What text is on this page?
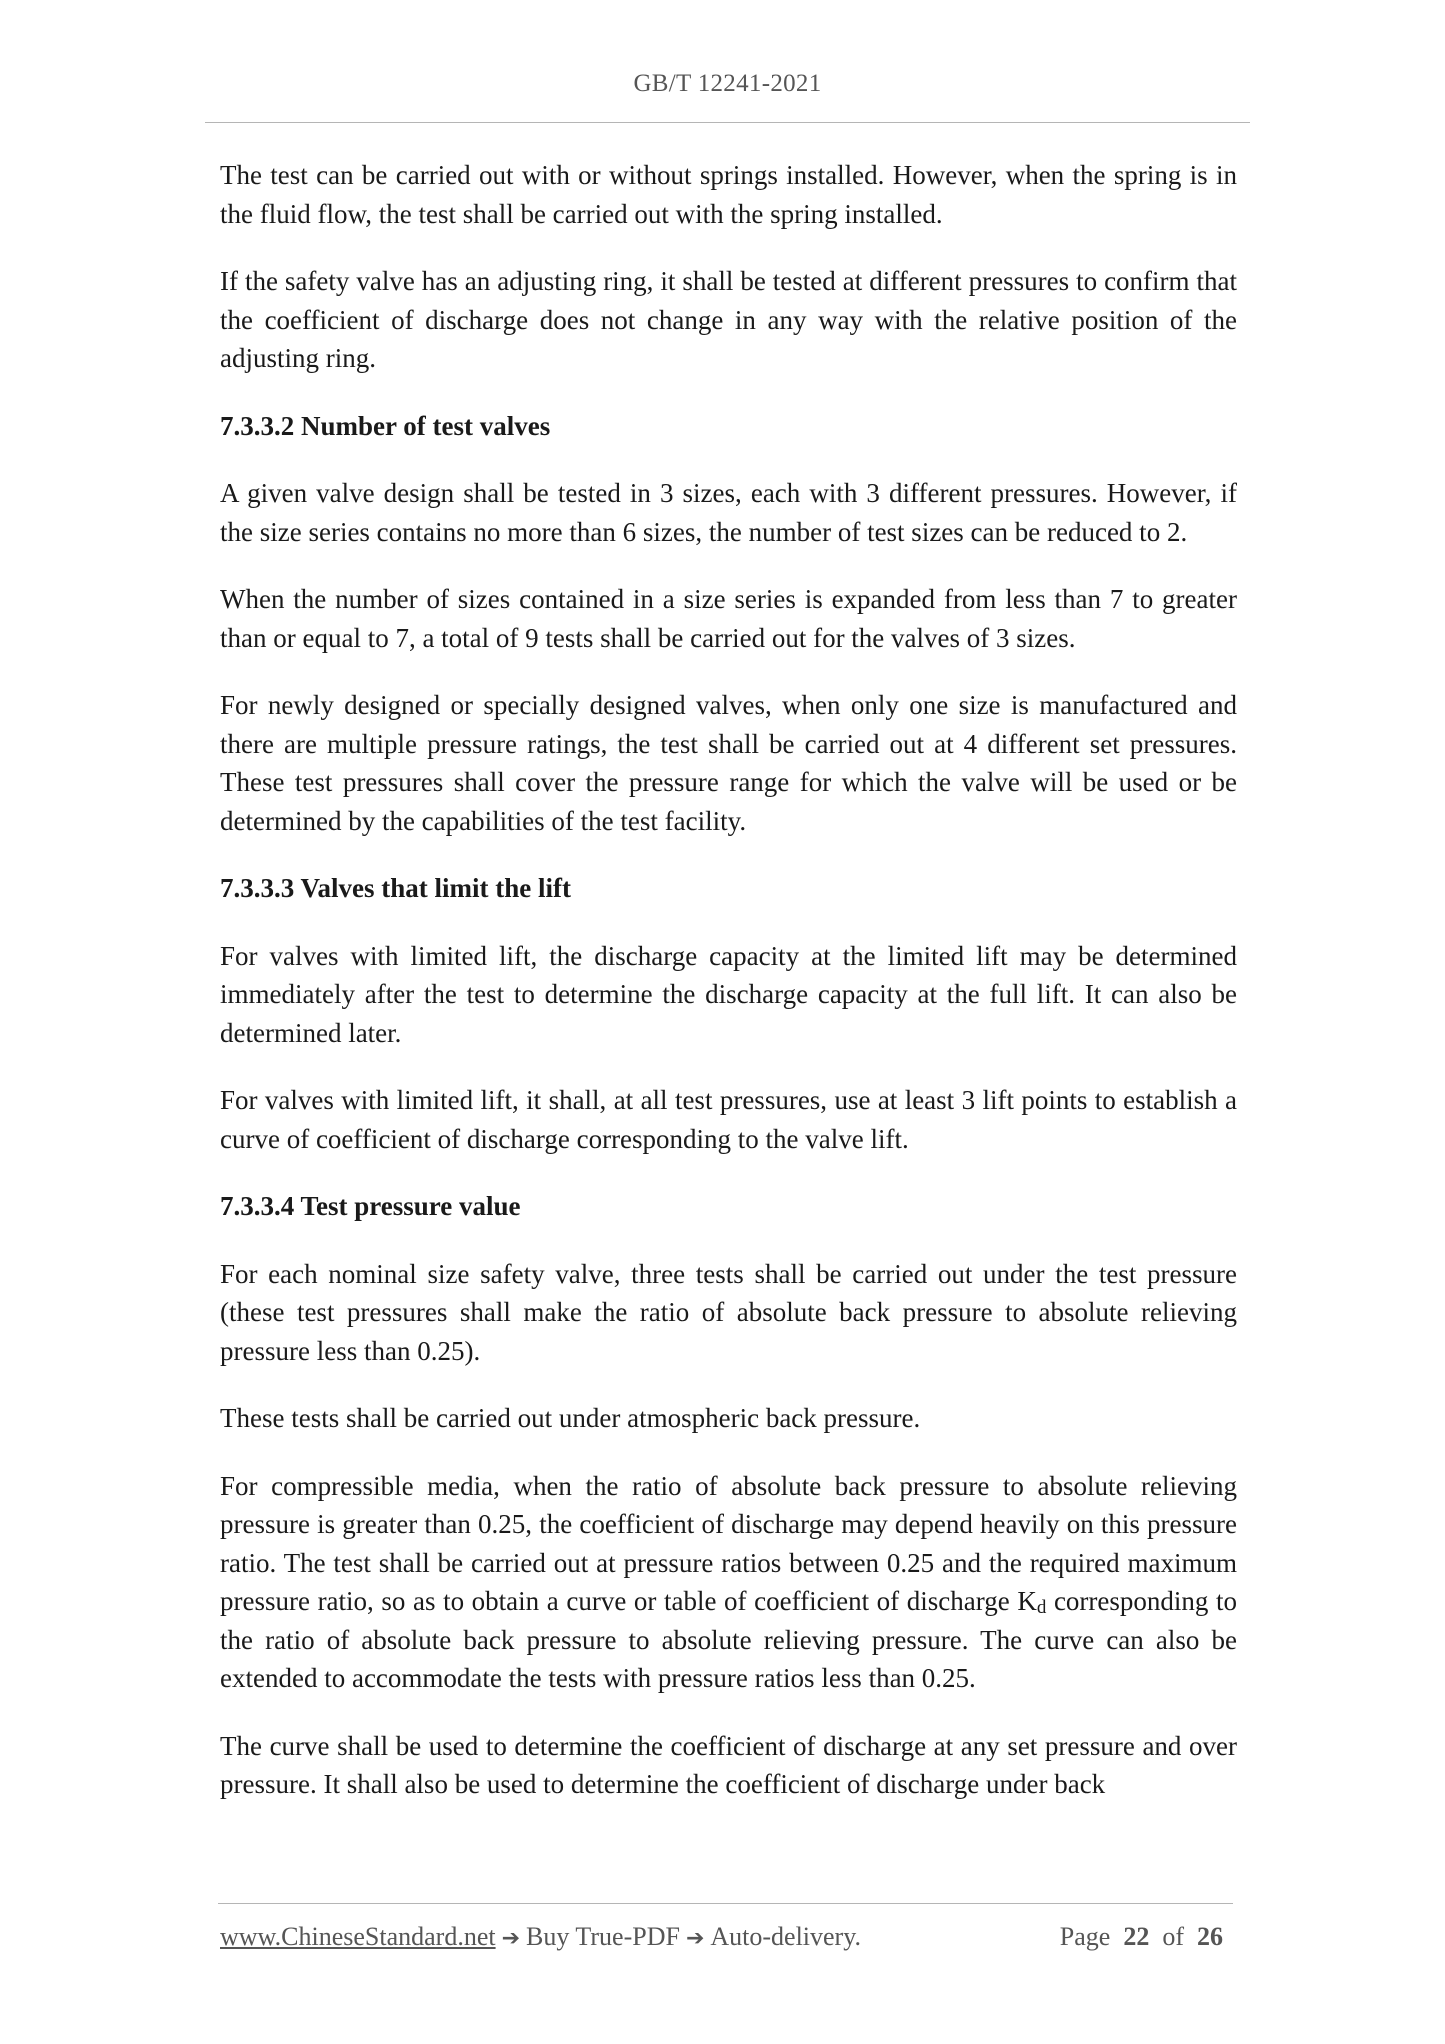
GB/T 12241-2021

The test can be carried out with or without springs installed. However, when the spring is in the fluid flow, the test shall be carried out with the spring installed.

If the safety valve has an adjusting ring, it shall be tested at different pressures to confirm that the coefficient of discharge does not change in any way with the relative position of the adjusting ring.

7.3.3.2 Number of test valves

A given valve design shall be tested in 3 sizes, each with 3 different pressures. However, if the size series contains no more than 6 sizes, the number of test sizes can be reduced to 2.

When the number of sizes contained in a size series is expanded from less than 7 to greater than or equal to 7, a total of 9 tests shall be carried out for the valves of 3 sizes.

For newly designed or specially designed valves, when only one size is manufactured and there are multiple pressure ratings, the test shall be carried out at 4 different set pressures. These test pressures shall cover the pressure range for which the valve will be used or be determined by the capabilities of the test facility.

7.3.3.3 Valves that limit the lift

For valves with limited lift, the discharge capacity at the limited lift may be determined immediately after the test to determine the discharge capacity at the full lift. It can also be determined later.

For valves with limited lift, it shall, at all test pressures, use at least 3 lift points to establish a curve of coefficient of discharge corresponding to the valve lift.

7.3.3.4 Test pressure value

For each nominal size safety valve, three tests shall be carried out under the test pressure (these test pressures shall make the ratio of absolute back pressure to absolute relieving pressure less than 0.25).

These tests shall be carried out under atmospheric back pressure.

For compressible media, when the ratio of absolute back pressure to absolute relieving pressure is greater than 0.25, the coefficient of discharge may depend heavily on this pressure ratio. The test shall be carried out at pressure ratios between 0.25 and the required maximum pressure ratio, so as to obtain a curve or table of coefficient of discharge Kd corresponding to the ratio of absolute back pressure to absolute relieving pressure. The curve can also be extended to accommodate the tests with pressure ratios less than 0.25.

The curve shall be used to determine the coefficient of discharge at any set pressure and over pressure. It shall also be used to determine the coefficient of discharge under back

www.ChineseStandard.net ➔ Buy True-PDF ➔ Auto-delivery.	Page 22 of 26
